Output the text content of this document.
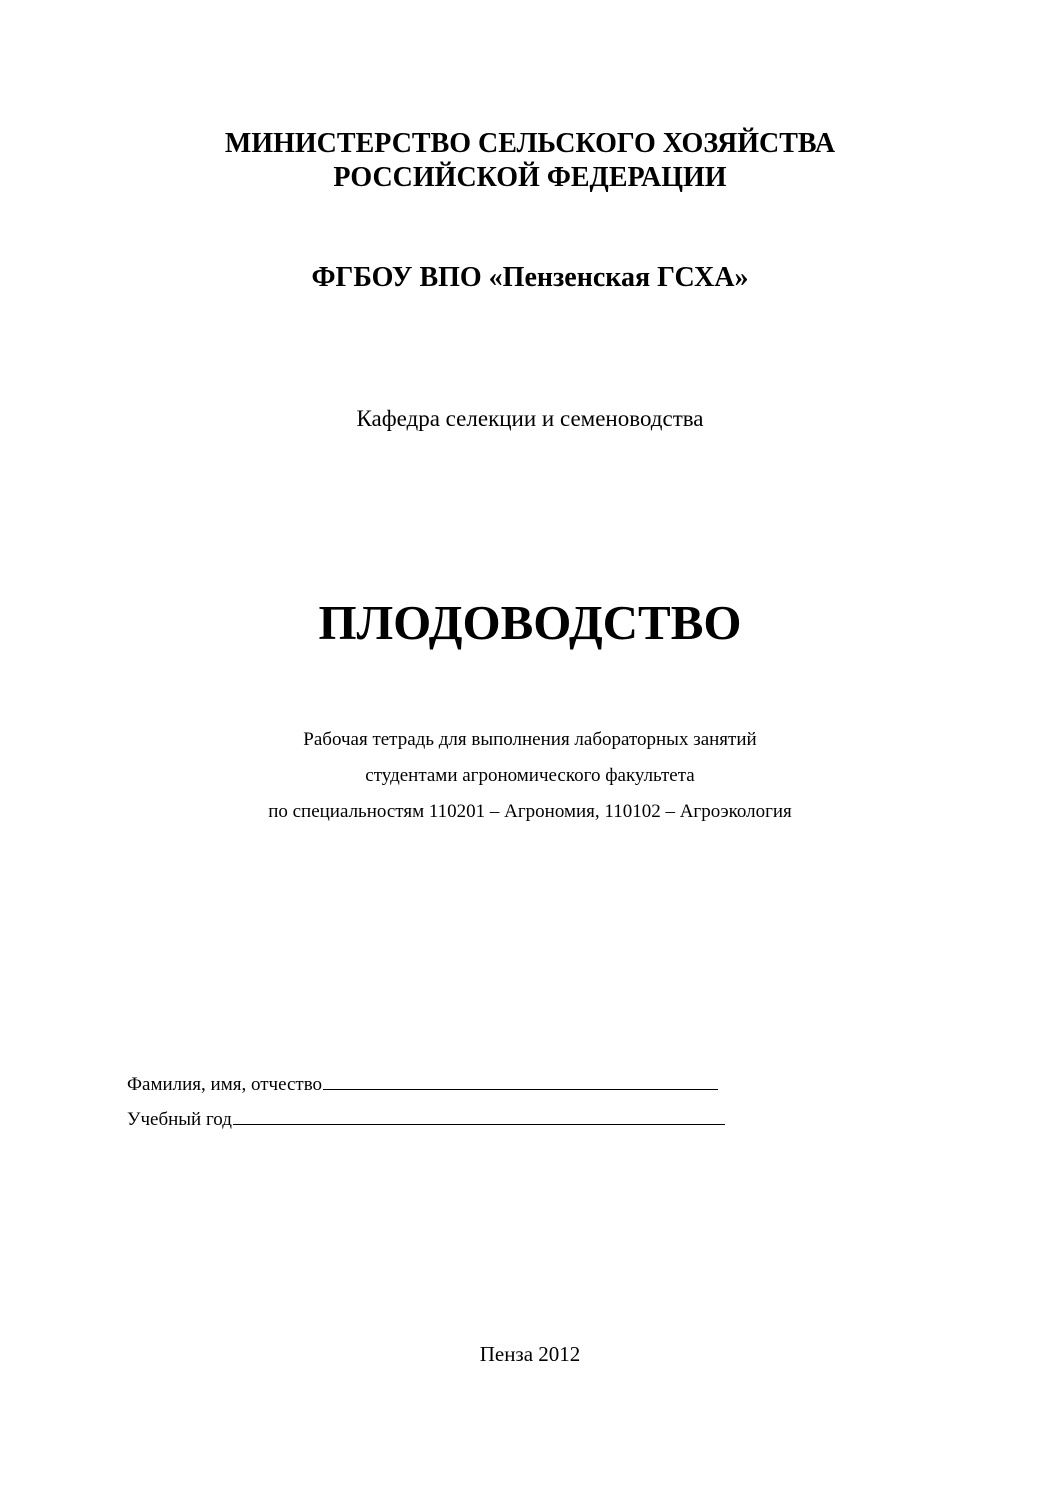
МИНИСТЕРСТВО СЕЛЬСКОГО ХОЗЯЙСТВА
РОССИЙСКОЙ ФЕДЕРАЦИИ
ФГБОУ ВПО «Пензенская ГСХА»
Кафедра селекции и семеноводства
ПЛОДОВОДСТВО
Рабочая тетрадь для выполнения лабораторных занятий
студентами агрономического факультета
по специальностям 110201 – Агрономия, 110102 – Агроэкология
Фамилия, имя, отчество
Учебный год
Пенза 2012
